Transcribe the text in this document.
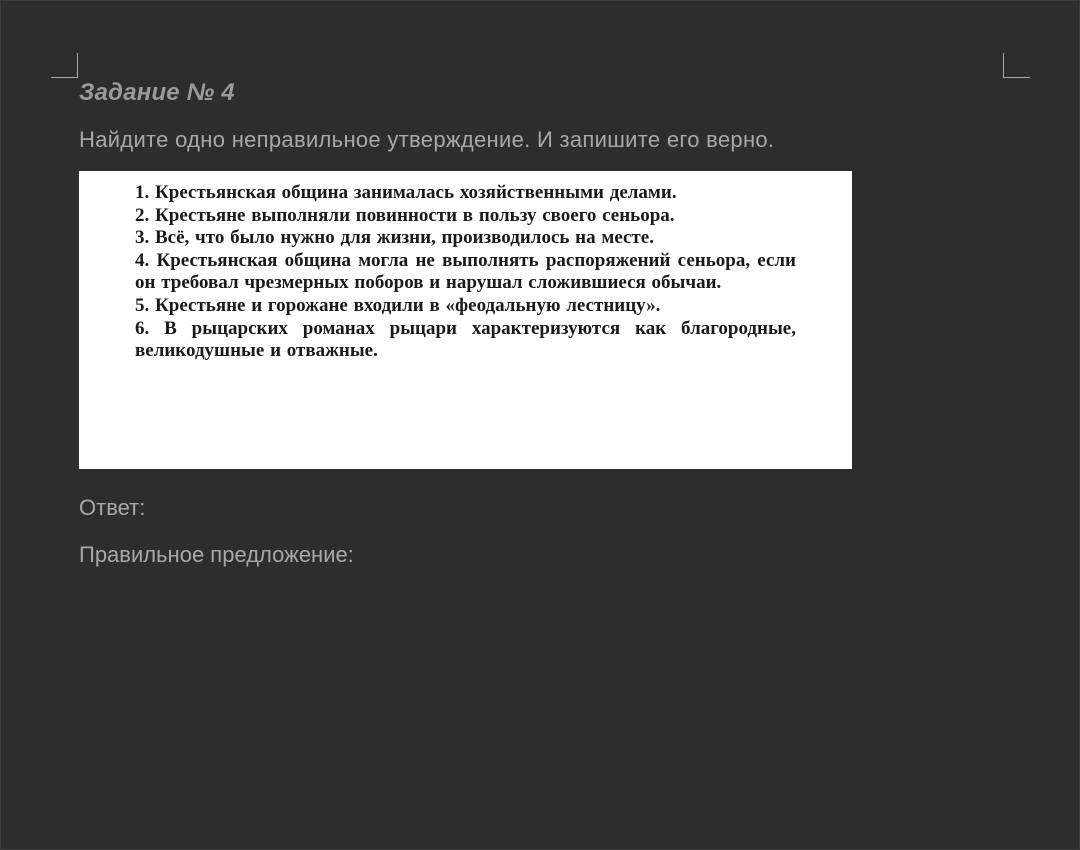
Задание № 4

Найдите одно неправильное утверждение. И запишите его верно.

1. Крестьянская община занималась хозяйственными делами.
2. Крестьяне выполняли повинности в пользу своего сеньора.
3. Всё, что было нужно для жизни, производилось на месте.
4. Крестьянская община могла не выполнять распоряжений сеньора, если он требовал чрезмерных поборов и нарушал сложившиеся обычаи.
5. Крестьяне и горожане входили в «феодальную лестницу».
6. В рыцарских романах рыцари характеризуются как благородные, великодушные и отважные.

Ответ:

Правильное предложение:
